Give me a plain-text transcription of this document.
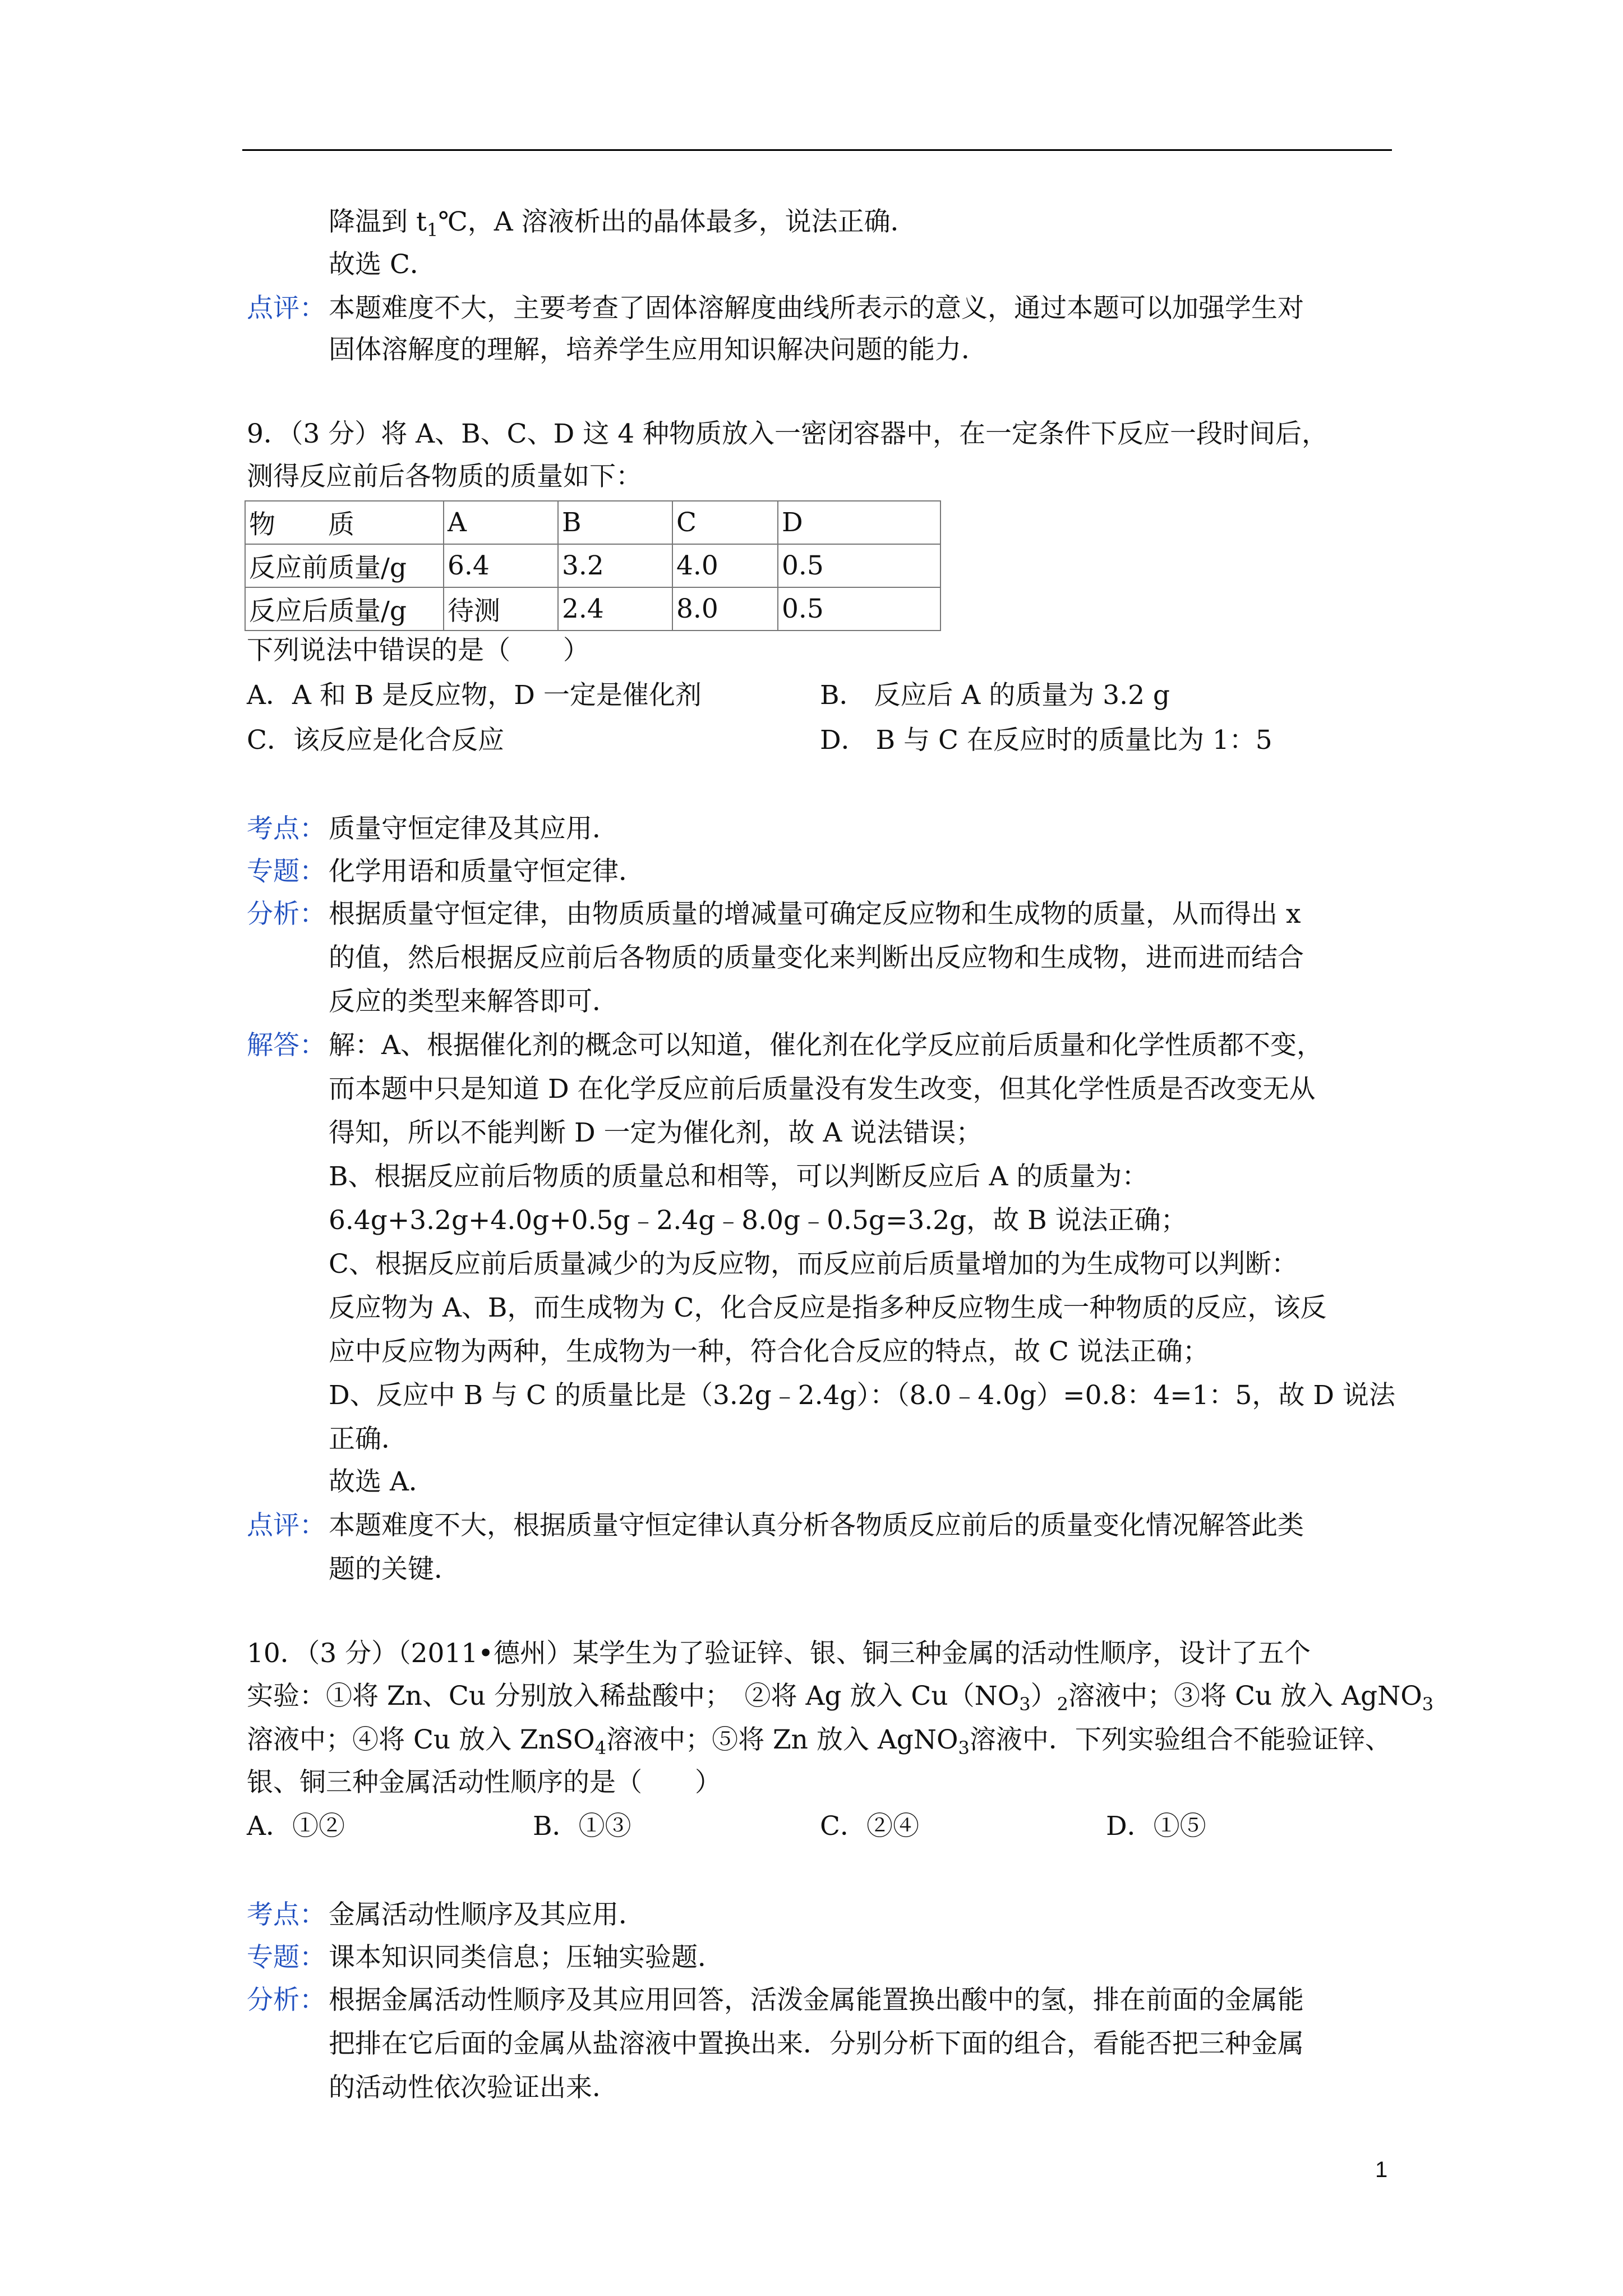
降温到 $t_1℃$，A 溶液析出的晶体最多，说法正确．
故选 C．
点评： 本题难度不大，主要考查了固体溶解度曲线所表示的意义，通过本题可以加强学生对
固体溶解度的理解，培养学生应用知识解决问题的能力．
9．（3 分）将 A、B、C、D 这 4 种物质放入一密闭容器中，在一定条件下反应一段时间后，
测得反应前后各物质的质量如下：
物　　质	A	B	C	D
反应前质量/g	6.4	3.2	4.0	0.5
反应后质量/g	待测	2.4	8.0	0.5
下列说法中错误的是（　　）
A．A 和 B 是反应物，D 一定是催化剂	B． 反应后 A 的质量为 3.2 g
C．该反应是化合反应	D． B 与 C 在反应时的质量比为 1：5
考点： 质量守恒定律及其应用．
专题： 化学用语和质量守恒定律．
分析： 根据质量守恒定律，由物质质量的增减量可确定反应物和生成物的质量，从而得出 x
的值，然后根据反应前后各物质的质量变化来判断出反应物和生成物，进而进而结合
反应的类型来解答即可．
解答： 解：A、根据催化剂的概念可以知道，催化剂在化学反应前后质量和化学性质都不变，
而本题中只是知道 D 在化学反应前后质量没有发生改变，但其化学性质是否改变无从
得知，所以不能判断 D 一定为催化剂，故 A 说法错误；
B、根据反应前后物质的质量总和相等，可以判断反应后 A 的质量为：
6.4g+3.2g+4.0g+0.5g﹣2.4g﹣8.0g﹣0.5g=3.2g，故 B 说法正确；
C、根据反应前后质量减少的为反应物，而反应前后质量增加的为生成物可以判断：
反应物为 A、B，而生成物为 C，化合反应是指多种反应物生成一种物质的反应，该反
应中反应物为两种，生成物为一种，符合化合反应的特点，故 C 说法正确；
D、反应中 B 与 C 的质量比是（3.2g﹣2.4g）：（8.0﹣4.0g）=0.8：4=1：5，故 D 说法
正确．
故选 A．
点评： 本题难度不大，根据质量守恒定律认真分析各物质反应前后的质量变化情况解答此类
题的关键．
10．（3 分）（2011•德州）某学生为了验证锌、银、铜三种金属的活动性顺序，设计了五个
实验：①将 Zn、Cu 分别放入稀盐酸中；　②将 Ag 放入 $Cu(NO_3)_2$溶液中；③将 Cu 放入 AgNO$_3$
溶液中；④将 Cu 放入 ZnSO$_4$溶液中；⑤将 Zn 放入 AgNO$_3$溶液中．下列实验组合不能验证锌、
银、铜三种金属活动性顺序的是（　　）
A．①②	B．①③	C．②④	D．①⑤
考点： 金属活动性顺序及其应用．
专题： 课本知识同类信息；压轴实验题．
分析： 根据金属活动性顺序及其应用回答，活泼金属能置换出酸中的氢，排在前面的金属能
把排在它后面的金属从盐溶液中置换出来．分别分析下面的组合，看能否把三种金属
的活动性依次验证出来．
1
